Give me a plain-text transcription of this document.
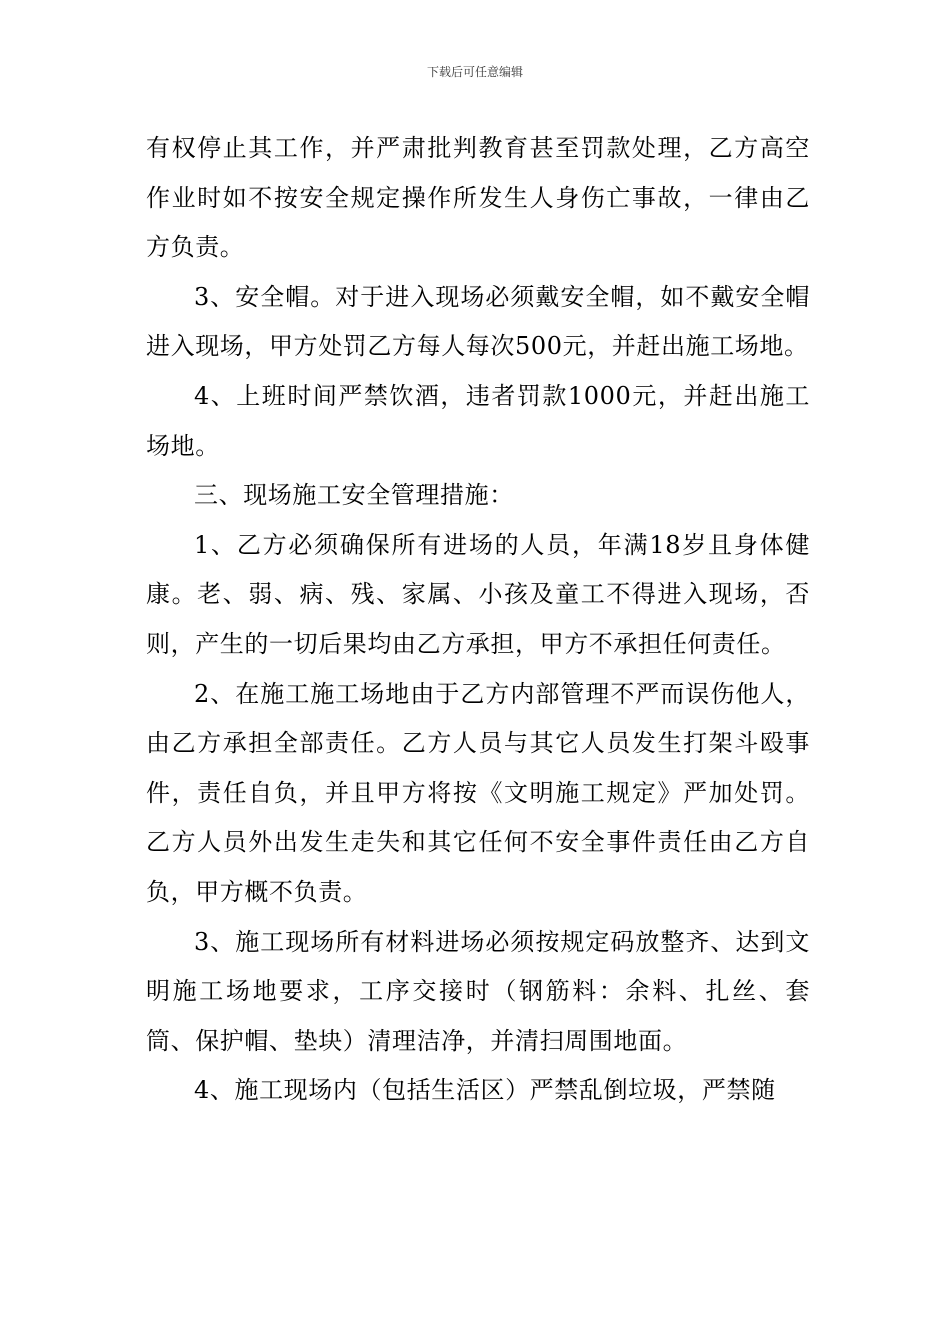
下载后可任意编辑

有权停止其工作，并严肃批判教育甚至罚款处理，乙方高空作业时如不按安全规定操作所发生人身伤亡事故，一律由乙方负责。

3、安全帽。对于进入现场必须戴安全帽，如不戴安全帽进入现场，甲方处罚乙方每人每次500元，并赶出施工场地。

4、上班时间严禁饮酒，违者罚款1000元，并赶出施工场地。

三、现场施工安全管理措施：

1、乙方必须确保所有进场的人员，年满18岁且身体健康。老、弱、病、残、家属、小孩及童工不得进入现场，否则，产生的一切后果均由乙方承担，甲方不承担任何责任。

2、在施工施工场地由于乙方内部管理不严而误伤他人，由乙方承担全部责任。乙方人员与其它人员发生打架斗殴事件，责任自负，并且甲方将按《文明施工规定》严加处罚。乙方人员外出发生走失和其它任何不安全事件责任由乙方自负，甲方概不负责。

3、施工现场所有材料进场必须按规定码放整齐、达到文明施工场地要求，工序交接时（钢筋料：余料、扎丝、套筒、保护帽、垫块）清理洁净，并清扫周围地面。

4、施工现场内（包括生活区）严禁乱倒垃圾，严禁随
